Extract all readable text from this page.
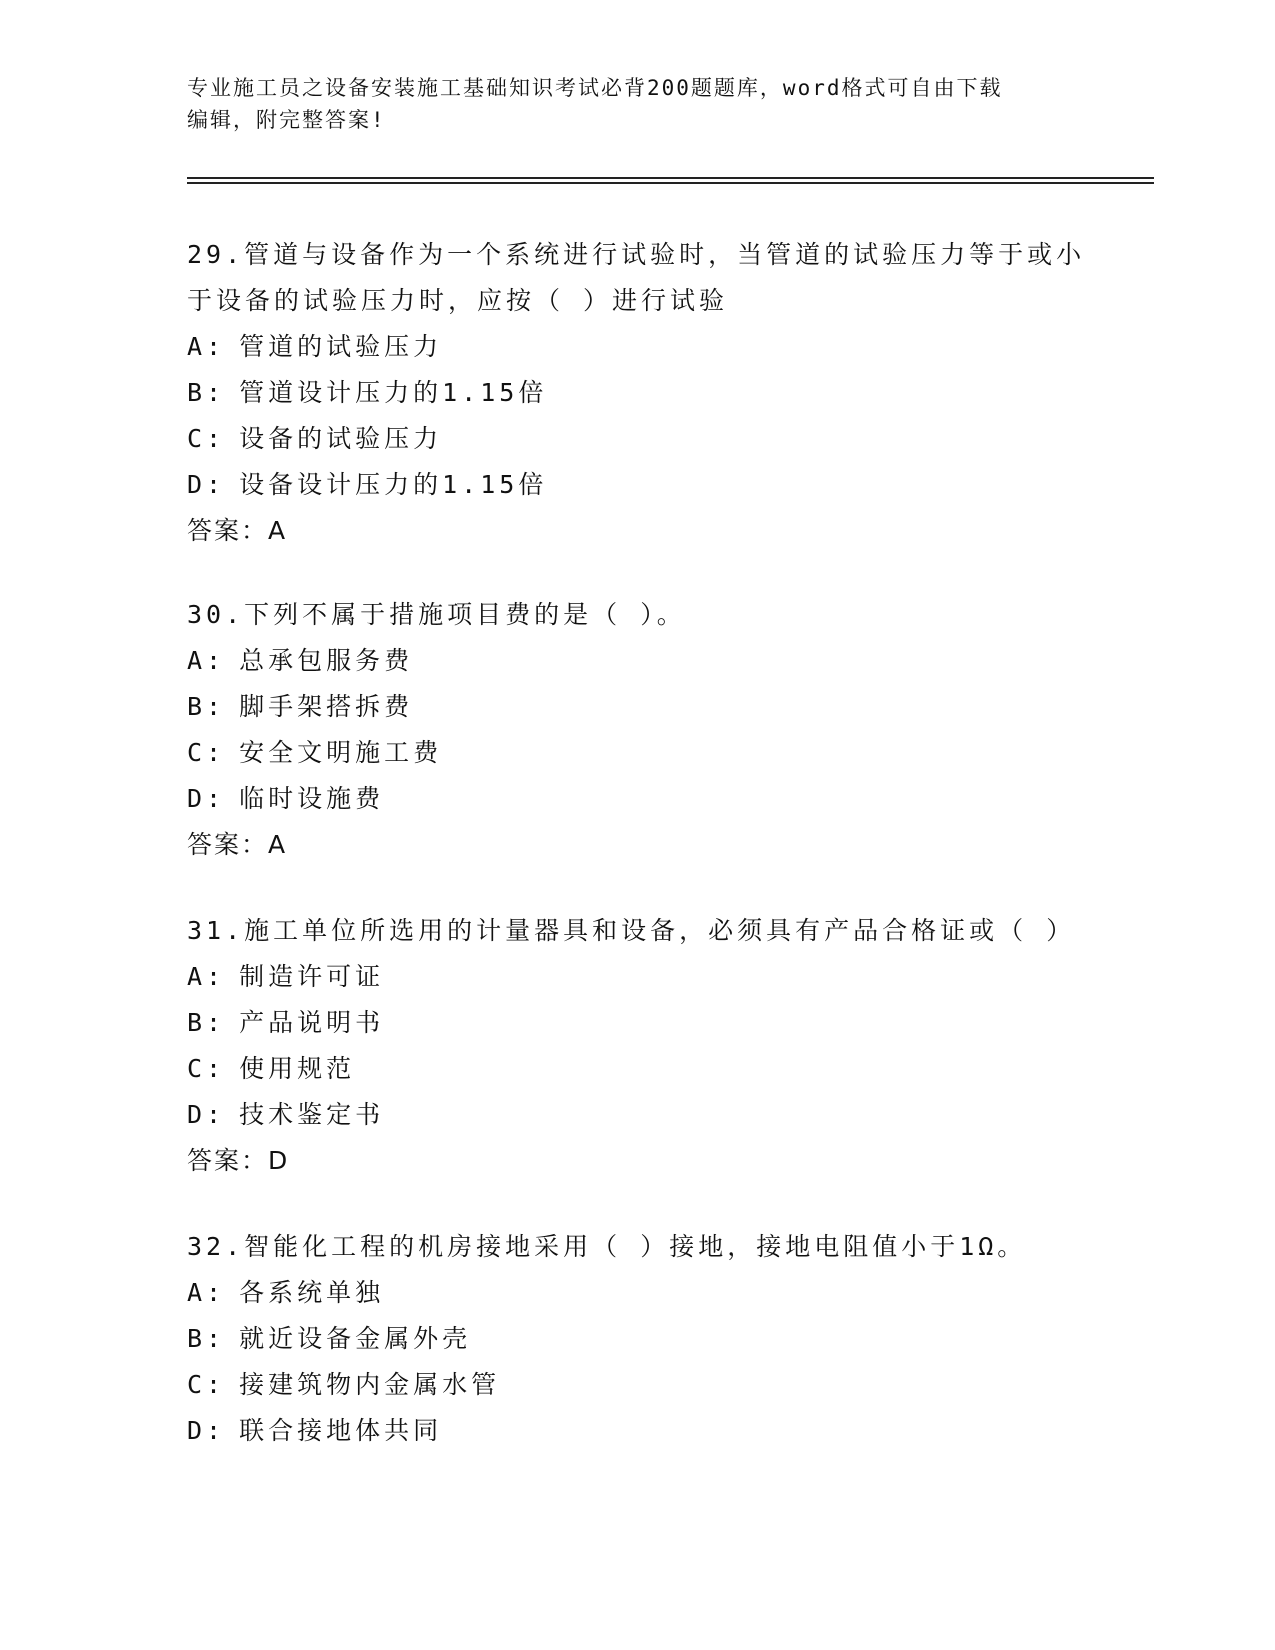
专业施工员之设备安装施工基础知识考试必背200题题库，word格式可自由下载
编辑，附完整答案!
29.管道与设备作为一个系统进行试验时，当管道的试验压力等于或小
于设备的试验压力时，应按（ ）进行试验
A: 管道的试验压力
B: 管道设计压力的1.15倍
C: 设备的试验压力
D: 设备设计压力的1.15倍
答案：A
30.下列不属于措施项目费的是（ ）。
A: 总承包服务费
B: 脚手架搭拆费
C: 安全文明施工费
D: 临时设施费
答案：A
31.施工单位所选用的计量器具和设备，必须具有产品合格证或（ ）
A: 制造许可证
B: 产品说明书
C: 使用规范
D: 技术鉴定书
答案：D
32.智能化工程的机房接地采用（ ）接地，接地电阻值小于1Ω。
A: 各系统单独
B: 就近设备金属外壳
C: 接建筑物内金属水管
D: 联合接地体共同
